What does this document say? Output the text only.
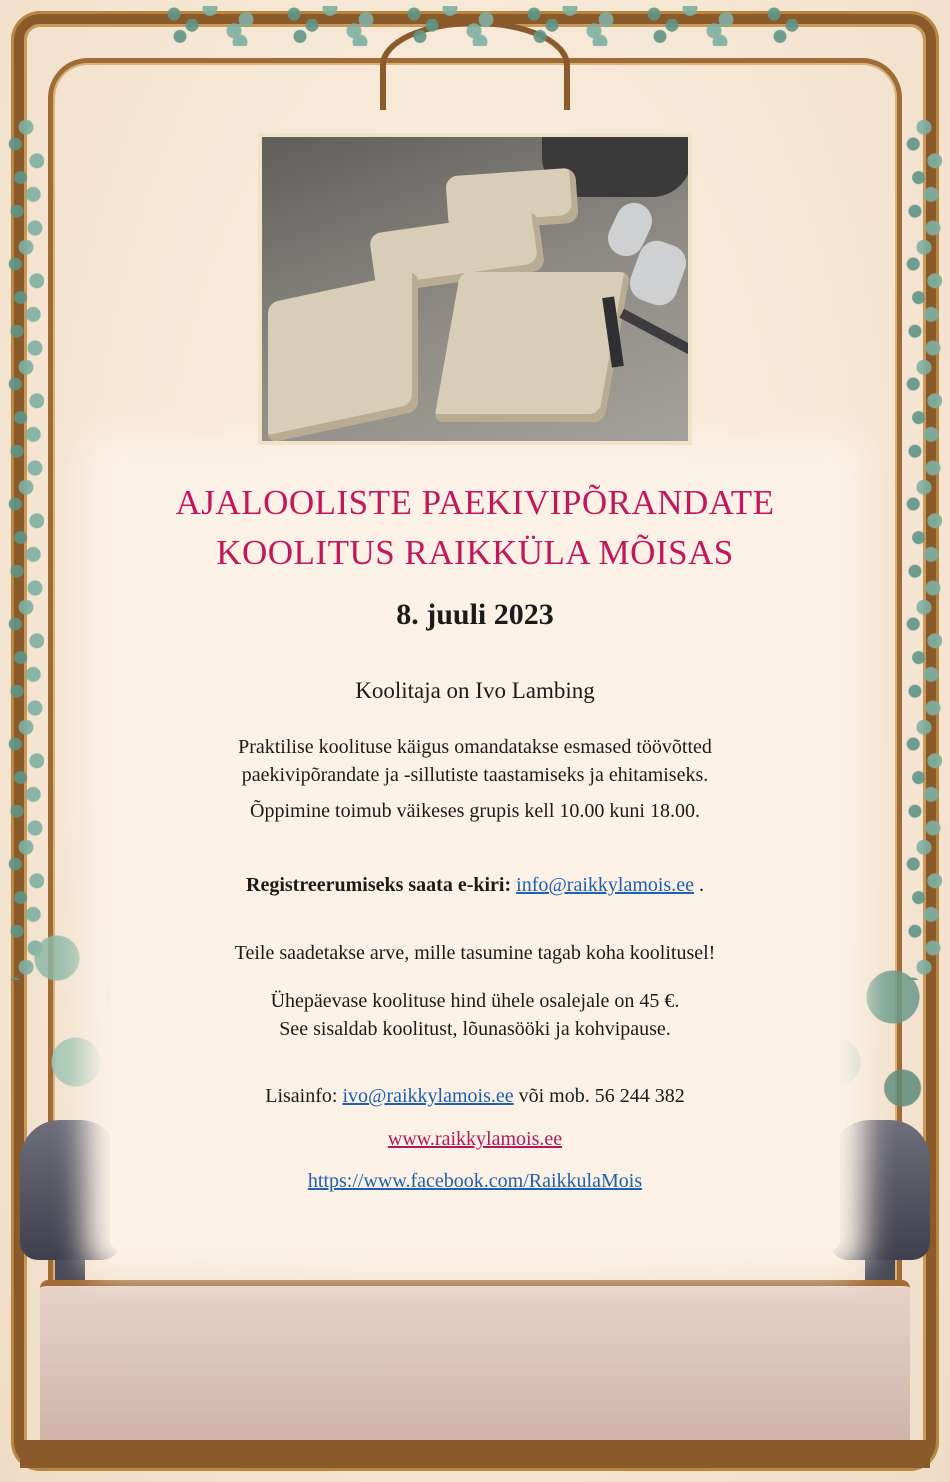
AJALOOLISTE PAEKIVIPÕRANDATE
KOOLITUS RAIKKÜLA MÕISAS
8. juuli 2023
Koolitaja on Ivo Lambing
Praktilise koolituse käigus omandatakse esmased töövõtted
paekivipõrandate ja -sillutiste taastamiseks ja ehitamiseks.
Õppimine toimub väikeses grupis kell 10.00 kuni 18.00.
Registreerumiseks saata e-kiri: info@raikkylamois.ee .
Teile saadetakse arve, mille tasumine tagab koha koolitusel!
Ühepäevase koolituse hind ühele osalejale on 45 €.
See sisaldab koolitust, lõunasööki ja kohvipause.
Lisainfo: ivo@raikkylamois.ee või mob. 56 244 382
www.raikkylamois.ee
https://www.facebook.com/RaikkulaMois
